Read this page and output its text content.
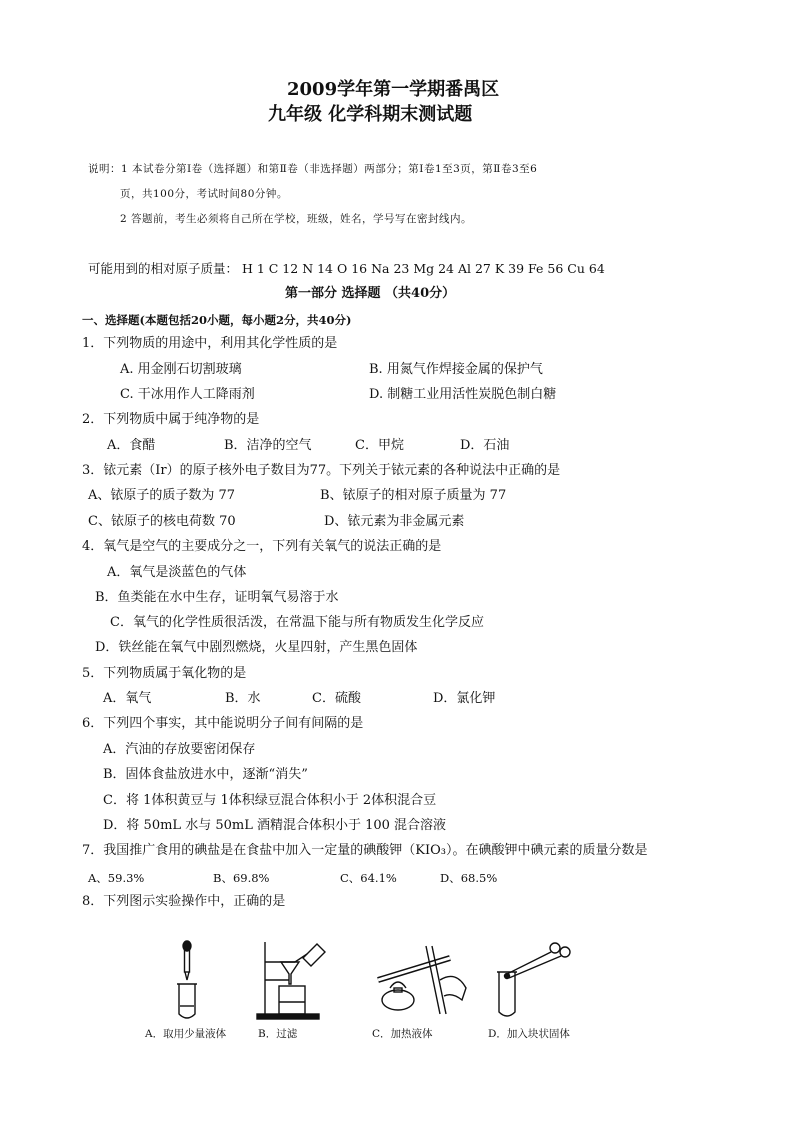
2009学年第一学期番禺区
九年级 化学科期末测试题
说明：1 本试卷分第Ⅰ卷（选择题）和第Ⅱ卷（非选择题）两部分；第Ⅰ卷1至3页，第Ⅱ卷3至6
页，共100分，考试时间80分钟。
2 答题前，考生必须将自己所在学校，班级，姓名，学号写在密封线内。
可能用到的相对原子质量： H 1 C 12 N 14 O 16 Na 23 Mg 24 Al 27 K 39 Fe 56 Cu 64
第一部分 选择题 （共40分）
一、选择题(本题包括20小题，每小题2分，共40分)
1．下列物质的用途中，利用其化学性质的是
A. 用金刚石切割玻璃	B. 用氮气作焊接金属的保护气
C. 干冰用作人工降雨剂	D. 制糖工业用活性炭脱色制白糖
2．下列物质中属于纯净物的是
A．食醋	B．洁净的空气	C．甲烷	D．石油
3．铱元素（Ir）的原子核外电子数目为77。下列关于铱元素的各种说法中正确的是
A、铱原子的质子数为 77	B、铱原子的相对原子质量为 77
C、铱原子的核电荷数 70	D、铱元素为非金属元素
4．氧气是空气的主要成分之一，下列有关氧气的说法正确的是
A．氧气是淡蓝色的气体
B．鱼类能在水中生存，证明氧气易溶于水
C．氧气的化学性质很活泼，在常温下能与所有物质发生化学反应
D．铁丝能在氧气中剧烈燃烧，火星四射，产生黑色固体
5．下列物质属于氧化物的是
A．氧气	B．水	C．硫酸	D．氯化钾
6．下列四个事实，其中能说明分子间有间隔的是
A．汽油的存放要密闭保存
B．固体食盐放进水中，逐渐“消失”
C．将 1体积黄豆与 1体积绿豆混合体积小于 2体积混合豆
D．将 50mL 水与 50mL 酒精混合体积小于 100 混合溶液
7．我国推广食用的碘盐是在食盐中加入一定量的碘酸钾（KIO₃）。在碘酸钾中碘元素的质量分数是
A、59.3%	B、69.8%	C、64.1%	D、68.5%
8．下列图示实验操作中，正确的是
A．取用少量液体	B．过滤	C．加热液体	D．加入块状固体
